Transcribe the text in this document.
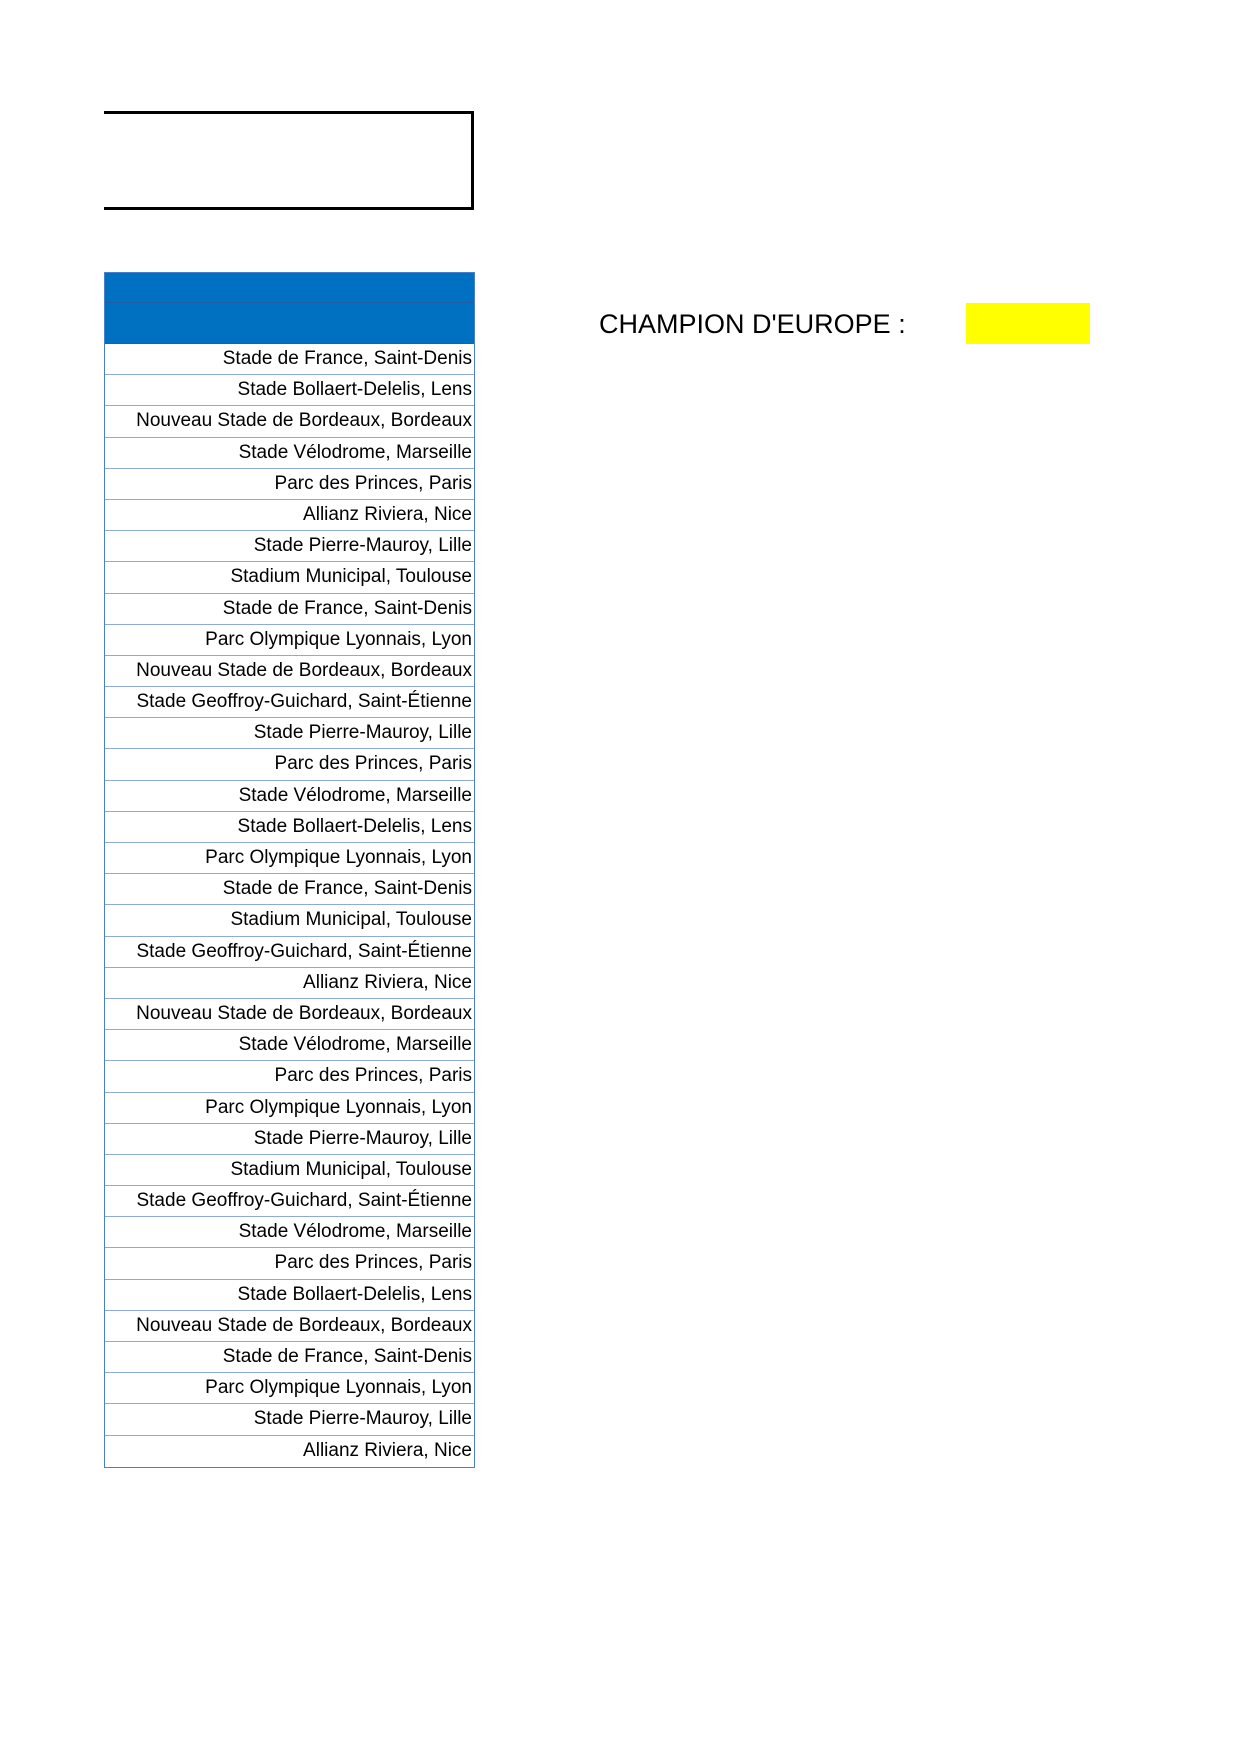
Stade de France, Saint-Denis
Stade Bollaert-Delelis, Lens
Nouveau Stade de Bordeaux, Bordeaux
Stade Vélodrome, Marseille
Parc des Princes, Paris
Allianz Riviera, Nice
Stade Pierre-Mauroy, Lille
Stadium Municipal, Toulouse
Stade de France, Saint-Denis
Parc Olympique Lyonnais, Lyon
Nouveau Stade de Bordeaux, Bordeaux
Stade Geoffroy-Guichard, Saint-Étienne
Stade Pierre-Mauroy, Lille
Parc des Princes, Paris
Stade Vélodrome, Marseille
Stade Bollaert-Delelis, Lens
Parc Olympique Lyonnais, Lyon
Stade de France, Saint-Denis
Stadium Municipal, Toulouse
Stade Geoffroy-Guichard, Saint-Étienne
Allianz Riviera, Nice
Nouveau Stade de Bordeaux, Bordeaux
Stade Vélodrome, Marseille
Parc des Princes, Paris
Parc Olympique Lyonnais, Lyon
Stade Pierre-Mauroy, Lille
Stadium Municipal, Toulouse
Stade Geoffroy-Guichard, Saint-Étienne
Stade Vélodrome, Marseille
Parc des Princes, Paris
Stade Bollaert-Delelis, Lens
Nouveau Stade de Bordeaux, Bordeaux
Stade de France, Saint-Denis
Parc Olympique Lyonnais, Lyon
Stade Pierre-Mauroy, Lille
Allianz Riviera, Nice
CHAMPION D'EUROPE :
